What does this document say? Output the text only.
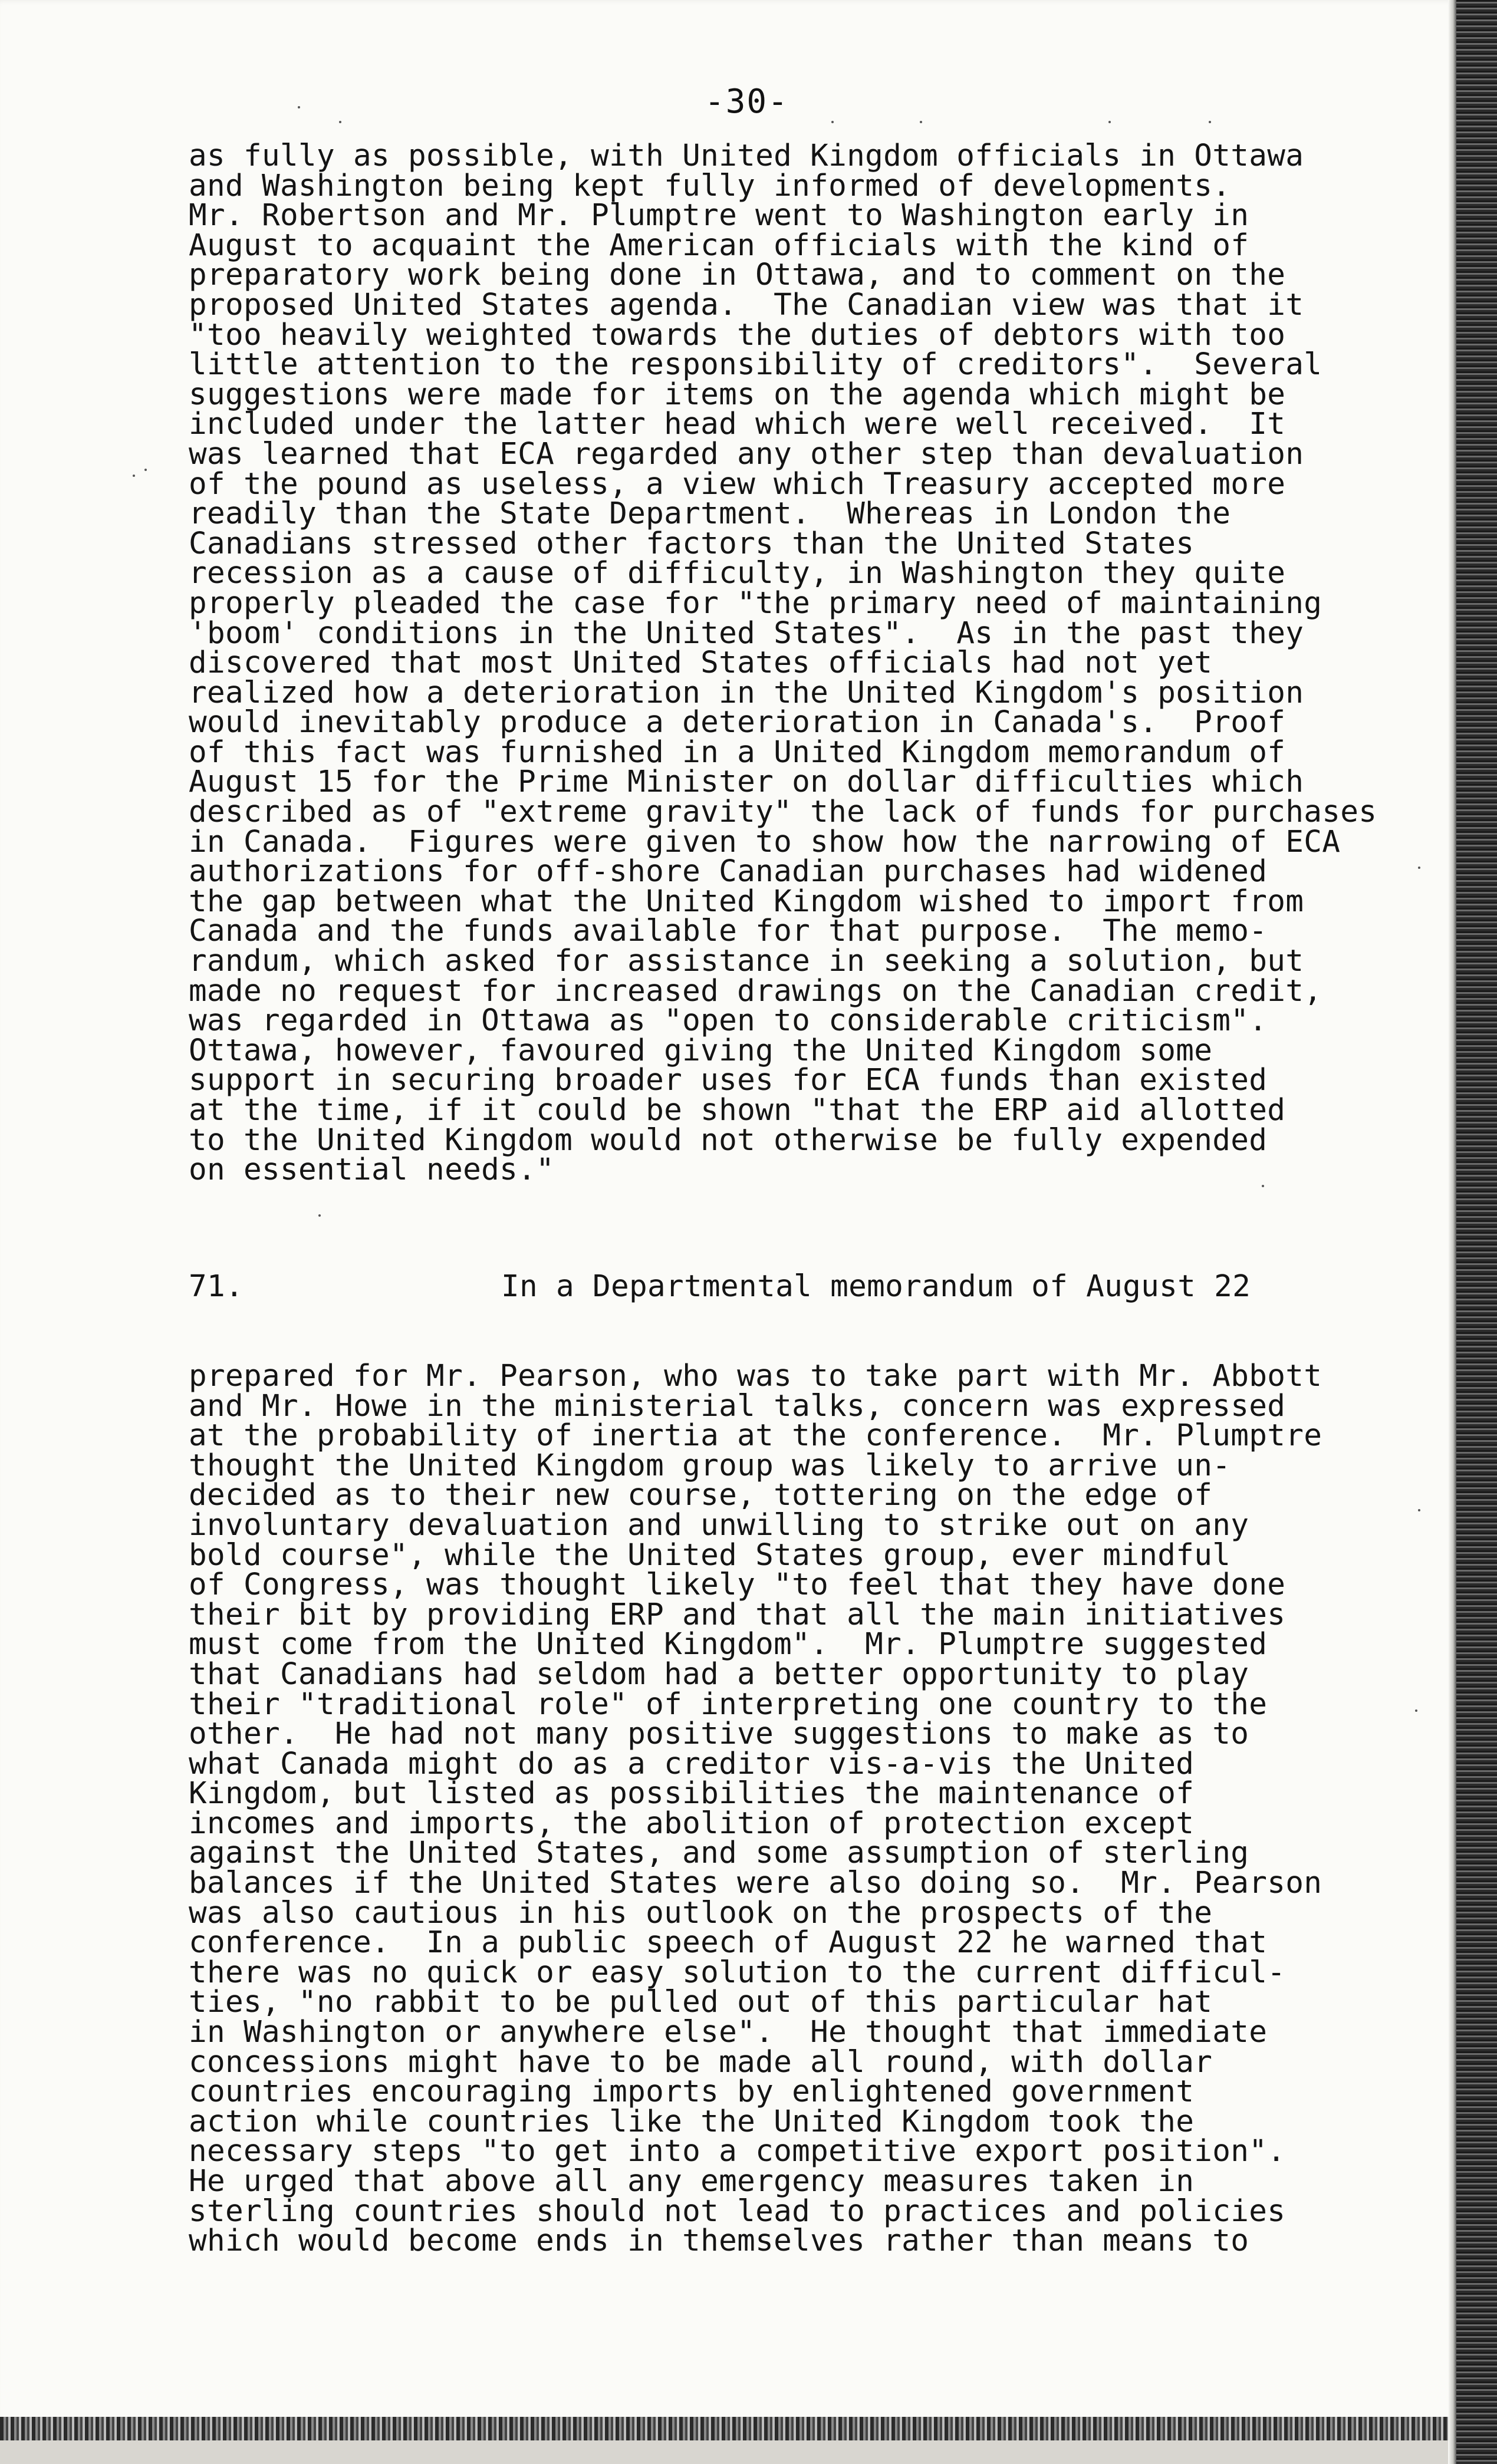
-30-
as fully as possible, with United Kingdom officials in Ottawa
and Washington being kept fully informed of developments.
Mr. Robertson and Mr. Plumptre went to Washington early in
August to acquaint the American officials with the kind of
preparatory work being done in Ottawa, and to comment on the
proposed United States agenda.  The Canadian view was that it
"too heavily weighted towards the duties of debtors with too
little attention to the responsibility of creditors".  Several
suggestions were made for items on the agenda which might be
included under the latter head which were well received.  It
was learned that ECA regarded any other step than devaluation
of the pound as useless, a view which Treasury accepted more
readily than the State Department.  Whereas in London the
Canadians stressed other factors than the United States
recession as a cause of difficulty, in Washington they quite
properly pleaded the case for "the primary need of maintaining
'boom' conditions in the United States".  As in the past they
discovered that most United States officials had not yet
realized how a deterioration in the United Kingdom's position
would inevitably produce a deterioration in Canada's.  Proof
of this fact was furnished in a United Kingdom memorandum of
August 15 for the Prime Minister on dollar difficulties which
described as of "extreme gravity" the lack of funds for purchases
in Canada.  Figures were given to show how the narrowing of ECA
authorizations for off-shore Canadian purchases had widened
the gap between what the United Kingdom wished to import from
Canada and the funds available for that purpose.  The memo-
randum, which asked for assistance in seeking a solution, but
made no request for increased drawings on the Canadian credit,
was regarded in Ottawa as "open to considerable criticism".
Ottawa, however, favoured giving the United Kingdom some
support in securing broader uses for ECA funds than existed
at the time, if it could be shown "that the ERP aid allotted
to the United Kingdom would not otherwise be fully expended
on essential needs."

71.	In a Departmental memorandum of August 22

prepared for Mr. Pearson, who was to take part with Mr. Abbott
and Mr. Howe in the ministerial talks, concern was expressed
at the probability of inertia at the conference.  Mr. Plumptre
thought the United Kingdom group was likely to arrive un-
decided as to their new course, tottering on the edge of
involuntary devaluation and unwilling to strike out on any
bold course", while the United States group, ever mindful
of Congress, was thought likely "to feel that they have done
their bit by providing ERP and that all the main initiatives
must come from the United Kingdom".  Mr. Plumptre suggested
that Canadians had seldom had a better opportunity to play
their "traditional role" of interpreting one country to the
other.  He had not many positive suggestions to make as to
what Canada might do as a creditor vis-a-vis the United
Kingdom, but listed as possibilities the maintenance of
incomes and imports, the abolition of protection except
against the United States, and some assumption of sterling
balances if the United States were also doing so.  Mr. Pearson
was also cautious in his outlook on the prospects of the
conference.  In a public speech of August 22 he warned that
there was no quick or easy solution to the current difficul-
ties, "no rabbit to be pulled out of this particular hat
in Washington or anywhere else".  He thought that immediate
concessions might have to be made all round, with dollar
countries encouraging imports by enlightened government
action while countries like the United Kingdom took the
necessary steps "to get into a competitive export position".
He urged that above all any emergency measures taken in
sterling countries should not lead to practices and policies
which would become ends in themselves rather than means to
